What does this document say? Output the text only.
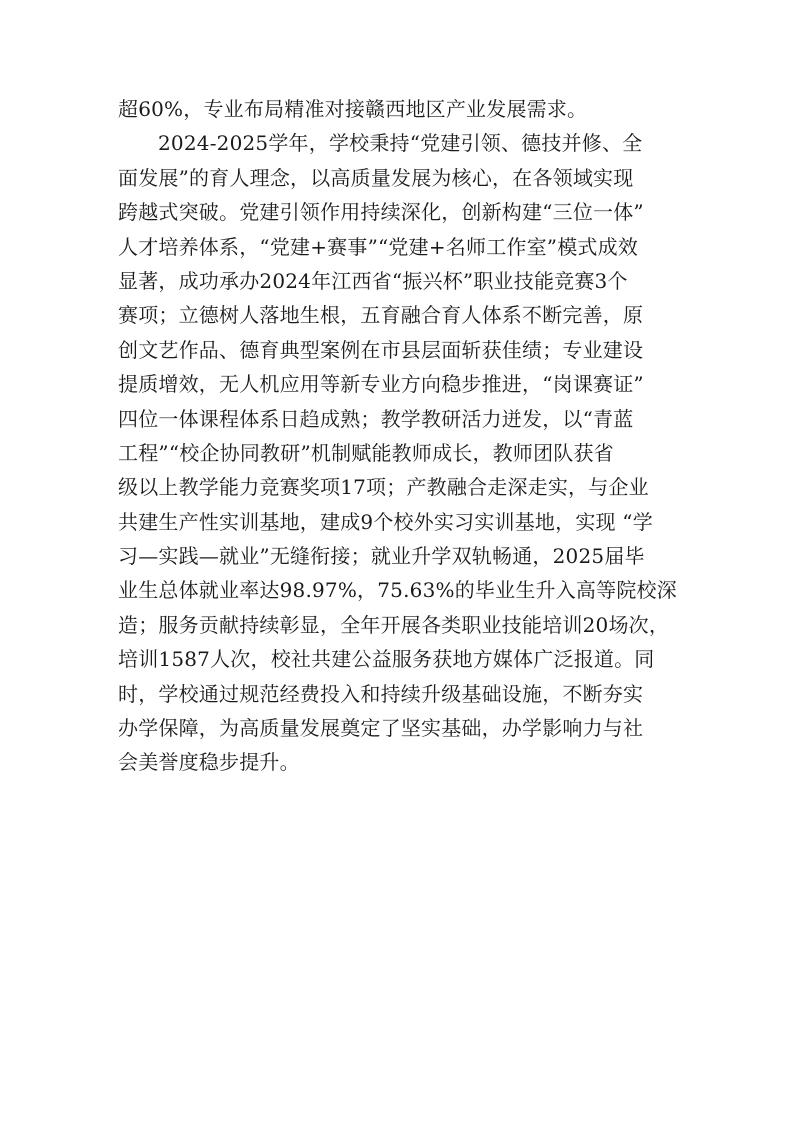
超60%，专业布局精准对接赣西地区产业发展需求。
2024-2025学年，学校秉持“党建引领、德技并修、全
面发展”的育人理念，以高质量发展为核心，在各领域实现
跨越式突破。党建引领作用持续深化，创新构建“三位一体”
人才培养体系，“党建+赛事”“党建+名师工作室”模式成效
显著，成功承办2024年江西省“振兴杯”职业技能竞赛3个
赛项；立德树人落地生根，五育融合育人体系不断完善，原
创文艺作品、德育典型案例在市县层面斩获佳绩；专业建设
提质增效，无人机应用等新专业方向稳步推进，“岗课赛证”
四位一体课程体系日趋成熟；教学教研活力迸发，以“青蓝
工程”“校企协同教研”机制赋能教师成长，教师团队获省
级以上教学能力竞赛奖项17项；产教融合走深走实，与企业
共建生产性实训基地，建成9个校外实习实训基地，实现 “学
习—实践—就业”无缝衔接；就业升学双轨畅通，2025届毕
业生总体就业率达98.97%，75.63%的毕业生升入高等院校深
造；服务贡献持续彰显，全年开展各类职业技能培训20场次，
培训1587人次，校社共建公益服务获地方媒体广泛报道。同
时，学校通过规范经费投入和持续升级基础设施，不断夯实
办学保障，为高质量发展奠定了坚实基础，办学影响力与社
会美誉度稳步提升。
